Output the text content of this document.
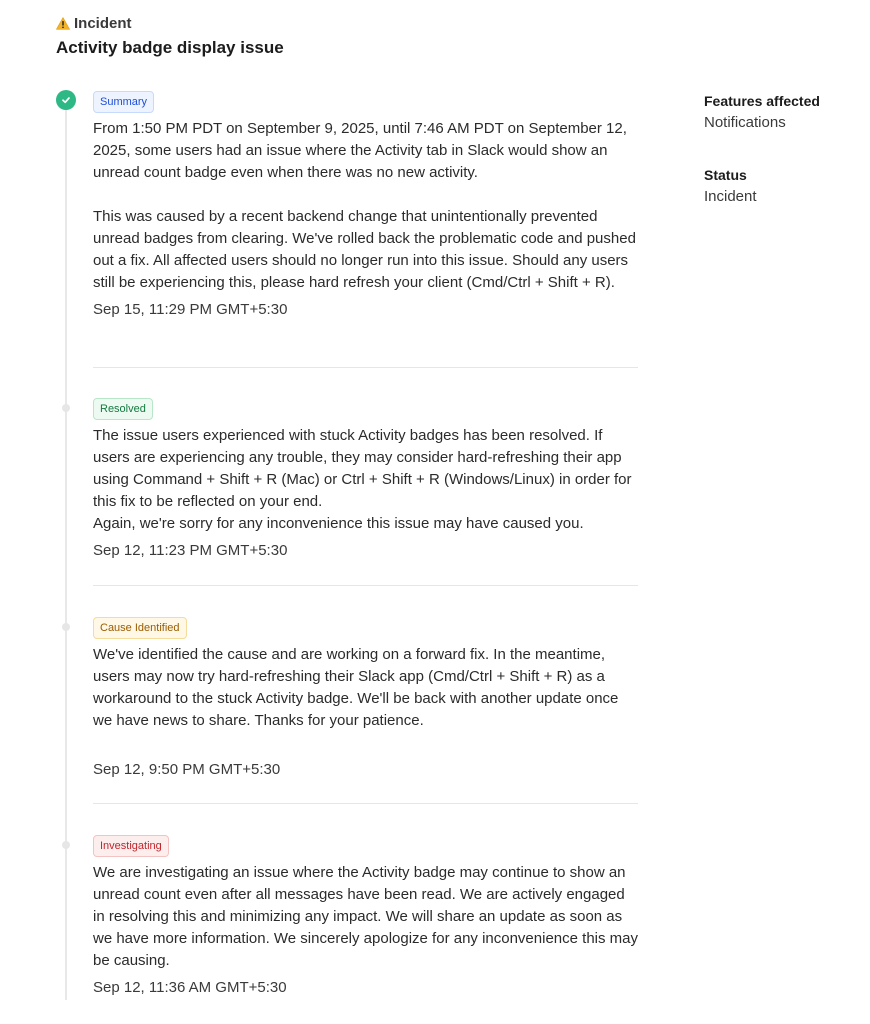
Incident
Activity badge display issue
Summary
From 1:50 PM PDT on September 9, 2025, until 7:46 AM PDT on September 12, 2025, some users had an issue where the Activity tab in Slack would show an unread count badge even when there was no new activity.
This was caused by a recent backend change that unintentionally prevented unread badges from clearing. We've rolled back the problematic code and pushed out a fix. All affected users should no longer run into this issue. Should any users still be experiencing this, please hard refresh your client (Cmd/Ctrl + Shift + R).
Sep 15, 11:29 PM GMT+5:30
Resolved
The issue users experienced with stuck Activity badges has been resolved. If users are experiencing any trouble, they may consider hard-refreshing their app using Command + Shift + R (Mac) or Ctrl + Shift + R (Windows/Linux) in order for this fix to be reflected on your end.
Again, we're sorry for any inconvenience this issue may have caused you.
Sep 12, 11:23 PM GMT+5:30
Cause Identified
We've identified the cause and are working on a forward fix. In the meantime, users may now try hard-refreshing their Slack app (Cmd/Ctrl + Shift + R) as a workaround to the stuck Activity badge. We'll be back with another update once we have news to share. Thanks for your patience.
Sep 12, 9:50 PM GMT+5:30
Investigating
We are investigating an issue where the Activity badge may continue to show an unread count even after all messages have been read. We are actively engaged in resolving this and minimizing any impact. We will share an update as soon as we have more information. We sincerely apologize for any inconvenience this may be causing.
Sep 12, 11:36 AM GMT+5:30
Features affected
Notifications
Status
Incident
